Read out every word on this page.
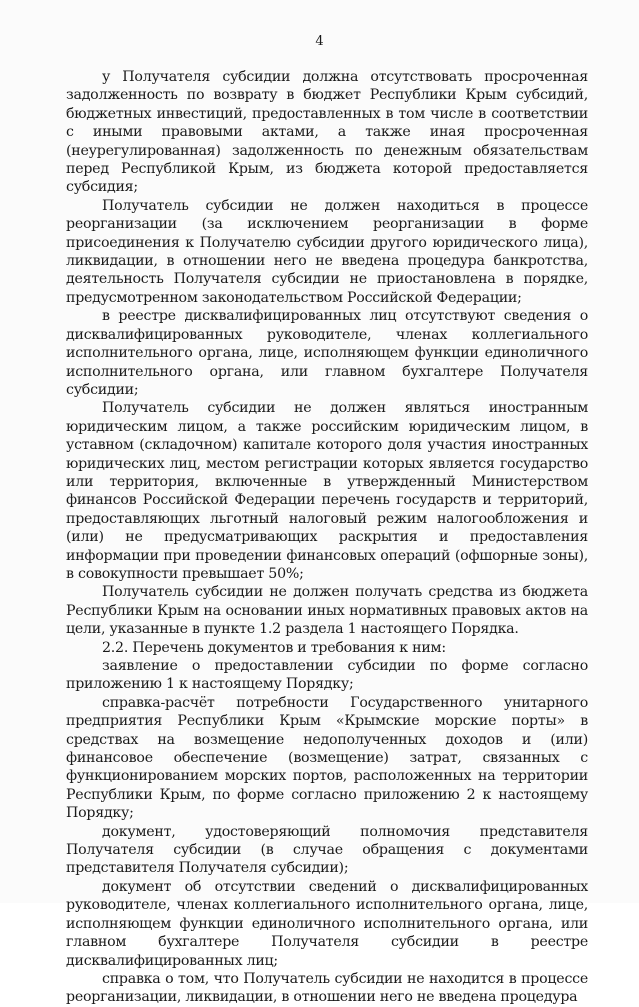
4

у Получателя субсидии должна отсутствовать просроченная задолженность по возврату в бюджет Республики Крым субсидий, бюджетных инвестиций, предоставленных в том числе в соответствии с иными правовыми актами, а также иная просроченная (неурегулированная) задолженность по денежным обязательствам перед Республикой Крым, из бюджета которой предоставляется субсидия;

Получатель субсидии не должен находиться в процессе реорганизации (за исключением реорганизации в форме присоединения к Получателю субсидии другого юридического лица), ликвидации, в отношении него не введена процедура банкротства, деятельность Получателя субсидии не приостановлена в порядке, предусмотренном законодательством Российской Федерации;

в реестре дисквалифицированных лиц отсутствуют сведения о дисквалифицированных руководителе, членах коллегиального исполнительного органа, лице, исполняющем функции единоличного исполнительного органа, или главном бухгалтере Получателя субсидии;

Получатель субсидии не должен являться иностранным юридическим лицом, а также российским юридическим лицом, в уставном (складочном) капитале которого доля участия иностранных юридических лиц, местом регистрации которых является государство или территория, включенные в утвержденный Министерством финансов Российской Федерации перечень государств и территорий, предоставляющих льготный налоговый режим налогообложения и (или) не предусматривающих раскрытия и предоставления информации при проведении финансовых операций (офшорные зоны), в совокупности превышает 50%;

Получатель субсидии не должен получать средства из бюджета Республики Крым на основании иных нормативных правовых актов на цели, указанные в пункте 1.2 раздела 1 настоящего Порядка.

2.2. Перечень документов и требования к ним:

заявление о предоставлении субсидии по форме согласно приложению 1 к настоящему Порядку;

справка-расчёт потребности Государственного унитарного предприятия Республики Крым «Крымские морские порты» в средствах на возмещение недополученных доходов и (или) финансовое обеспечение (возмещение) затрат, связанных с функционированием морских портов, расположенных на территории Республики Крым, по форме согласно приложению 2 к настоящему Порядку;

документ, удостоверяющий полномочия представителя Получателя субсидии (в случае обращения с документами представителя Получателя субсидии);

документ об отсутствии сведений о дисквалифицированных руководителе, членах коллегиального исполнительного органа, лице, исполняющем функции единоличного исполнительного органа, или главном бухгалтере Получателя субсидии в реестре дисквалифицированных лиц;

справка о том, что Получатель субсидии не находится в процессе реорганизации, ликвидации, в отношении него не введена процедура
